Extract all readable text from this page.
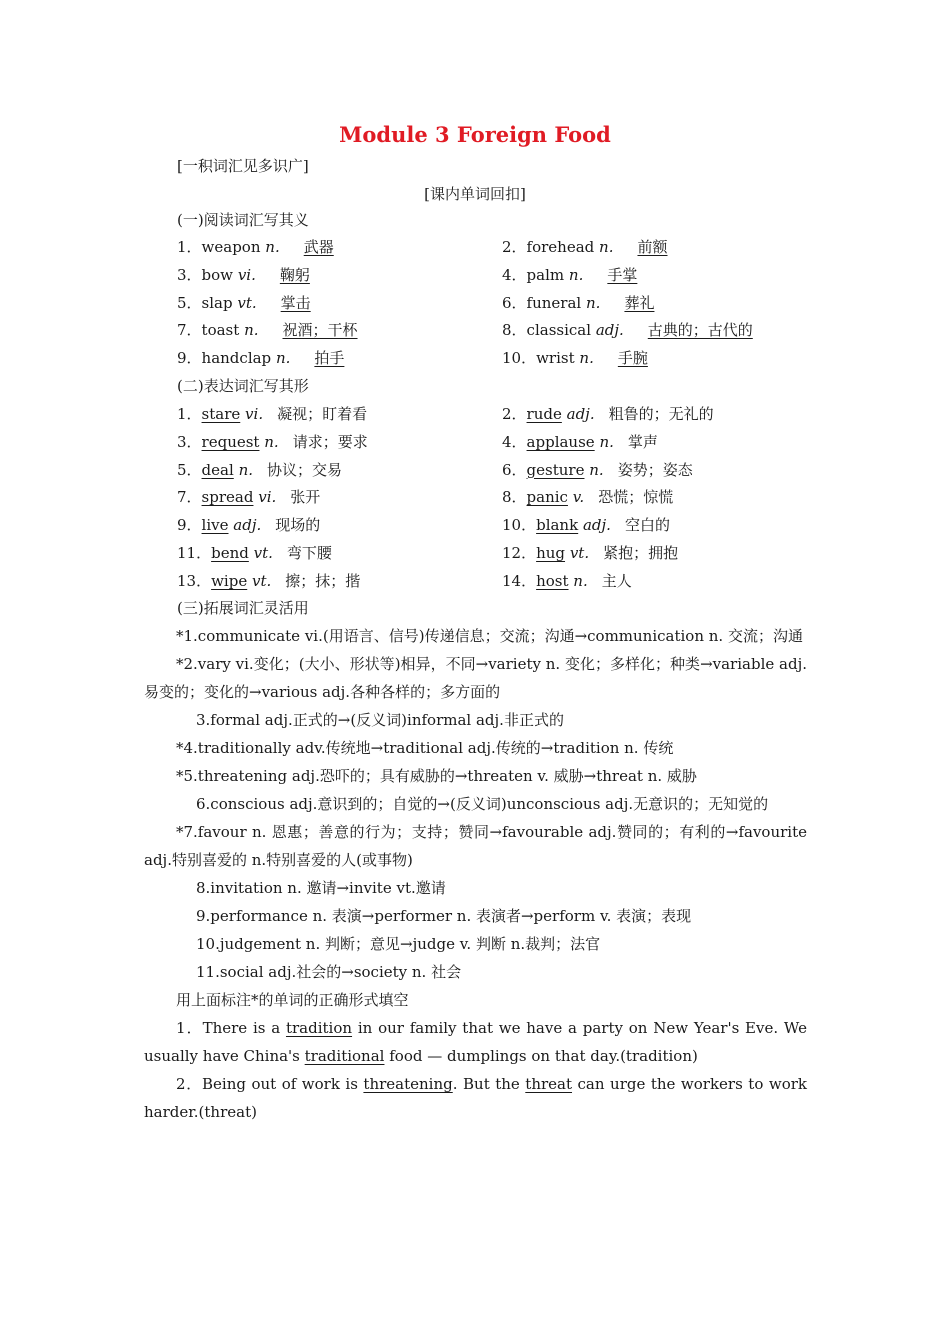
Module 3 Foreign Food
[一积词汇见多识广]
[课内单词回扣]
(一)阅读词汇写其义
1．weapon n. 武器	2．forehead n. 前额
3．bow vi. 鞠躬	4．palm n. 手掌
5．slap vt. 掌击	6．funeral n. 葬礼
7．toast n. 祝酒；干杯	8．classical adj. 古典的；古代的
9．handclap n. 拍手	10．wrist n. 手腕
(二)表达词汇写其形
1．stare vi. 凝视；盯着看	2．rude adj. 粗鲁的；无礼的
3．request n. 请求；要求	4．applause n. 掌声
5．deal n. 协议；交易	6．gesture n. 姿势；姿态
7．spread vi. 张开	8．panic v. 恐慌；惊慌
9．live adj. 现场的	10．blank adj. 空白的
11．bend vt. 弯下腰	12．hug vt. 紧抱；拥抱
13．wipe vt. 擦；抹；揩	14．host n. 主人
(三)拓展词汇灵活用

*1.communicate vi.(用语言、信号)传递信息；交流；沟通→communication n. 交流；沟通

*2.vary vi.变化；(大小、形状等)相异，不同→variety n. 变化；多样化；种类→variable adj.易变的；变化的→various adj.各种各样的；多方面的

3.formal adj.正式的→(反义词)informal adj.非正式的

*4.traditionally adv.传统地→traditional adj.传统的→tradition n. 传统

*5.threatening adj.恐吓的；具有威胁的→threaten v. 威胁→threat n. 威胁

6.conscious adj.意识到的；自觉的→(反义词)unconscious adj.无意识的；无知觉的

*7.favour n. 恩惠；善意的行为；支持；赞同→favourable adj.赞同的；有利的→favourite adj.特别喜爱的 n.特别喜爱的人(或事物)

8.invitation n. 邀请→invite vt.邀请

9.performance n. 表演→performer n. 表演者→perform v. 表演；表现

10.judgement n. 判断；意见→judge v. 判断 n.裁判；法官

11.social adj.社会的→society n. 社会

用上面标注*的单词的正确形式填空

1．There is a tradition in our family that we have a party on New Year's Eve. We usually have China's traditional food — dumplings on that day.(tradition)

2．Being out of work is threatening. But the threat can urge the workers to work harder.(threat)
